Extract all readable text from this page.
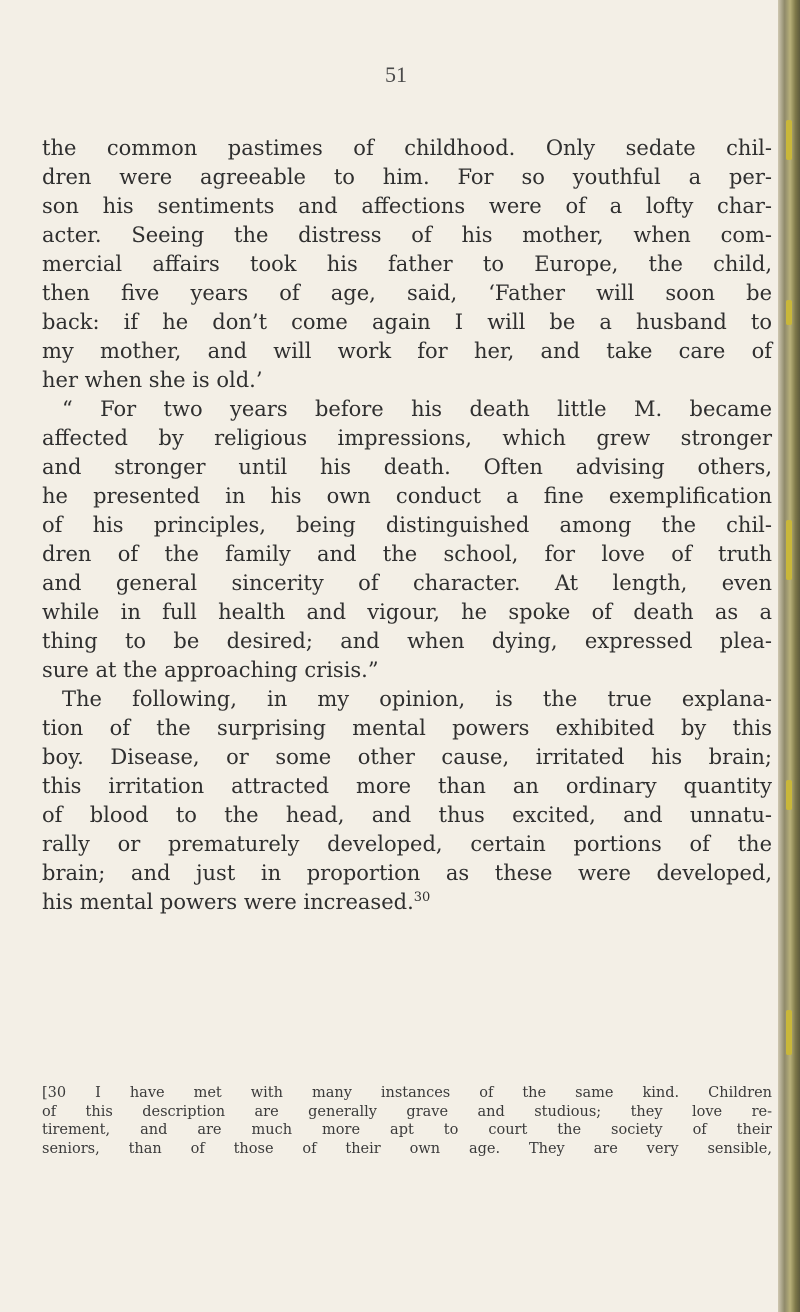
51
the common pastimes of childhood. Only sedate chil-
dren were agreeable to him. For so youthful a per-
son his sentiments and affections were of a lofty char-
acter. Seeing the distress of his mother, when com-
mercial affairs took his father to Europe, the child,
then five years of age, said, ‘Father will soon be
back: if he don’t come again I will be a husband to
my mother, and will work for her, and take care of
her when she is old.’
“ For two years before his death little M. became
affected by religious impressions, which grew stronger
and stronger until his death. Often advising others,
he presented in his own conduct a fine exemplification
of his principles, being distinguished among the chil-
dren of the family and the school, for love of truth
and general sincerity of character. At length, even
while in full health and vigour, he spoke of death as a
thing to be desired; and when dying, expressed plea-
sure at the approaching crisis.”
The following, in my opinion, is the true explana-
tion of the surprising mental powers exhibited by this
boy. Disease, or some other cause, irritated his brain;
this irritation attracted more than an ordinary quantity
of blood to the head, and thus excited, and unnatu-
rally or prematurely developed, certain portions of the
brain; and just in proportion as these were developed,
his mental powers were increased.$^{30}$
[30 I have met with many instances of the same kind. Children
of this description are generally grave and studious; they love re-
tirement, and are much more apt to court the society of their
seniors, than of those of their own age. They are very sensible,
